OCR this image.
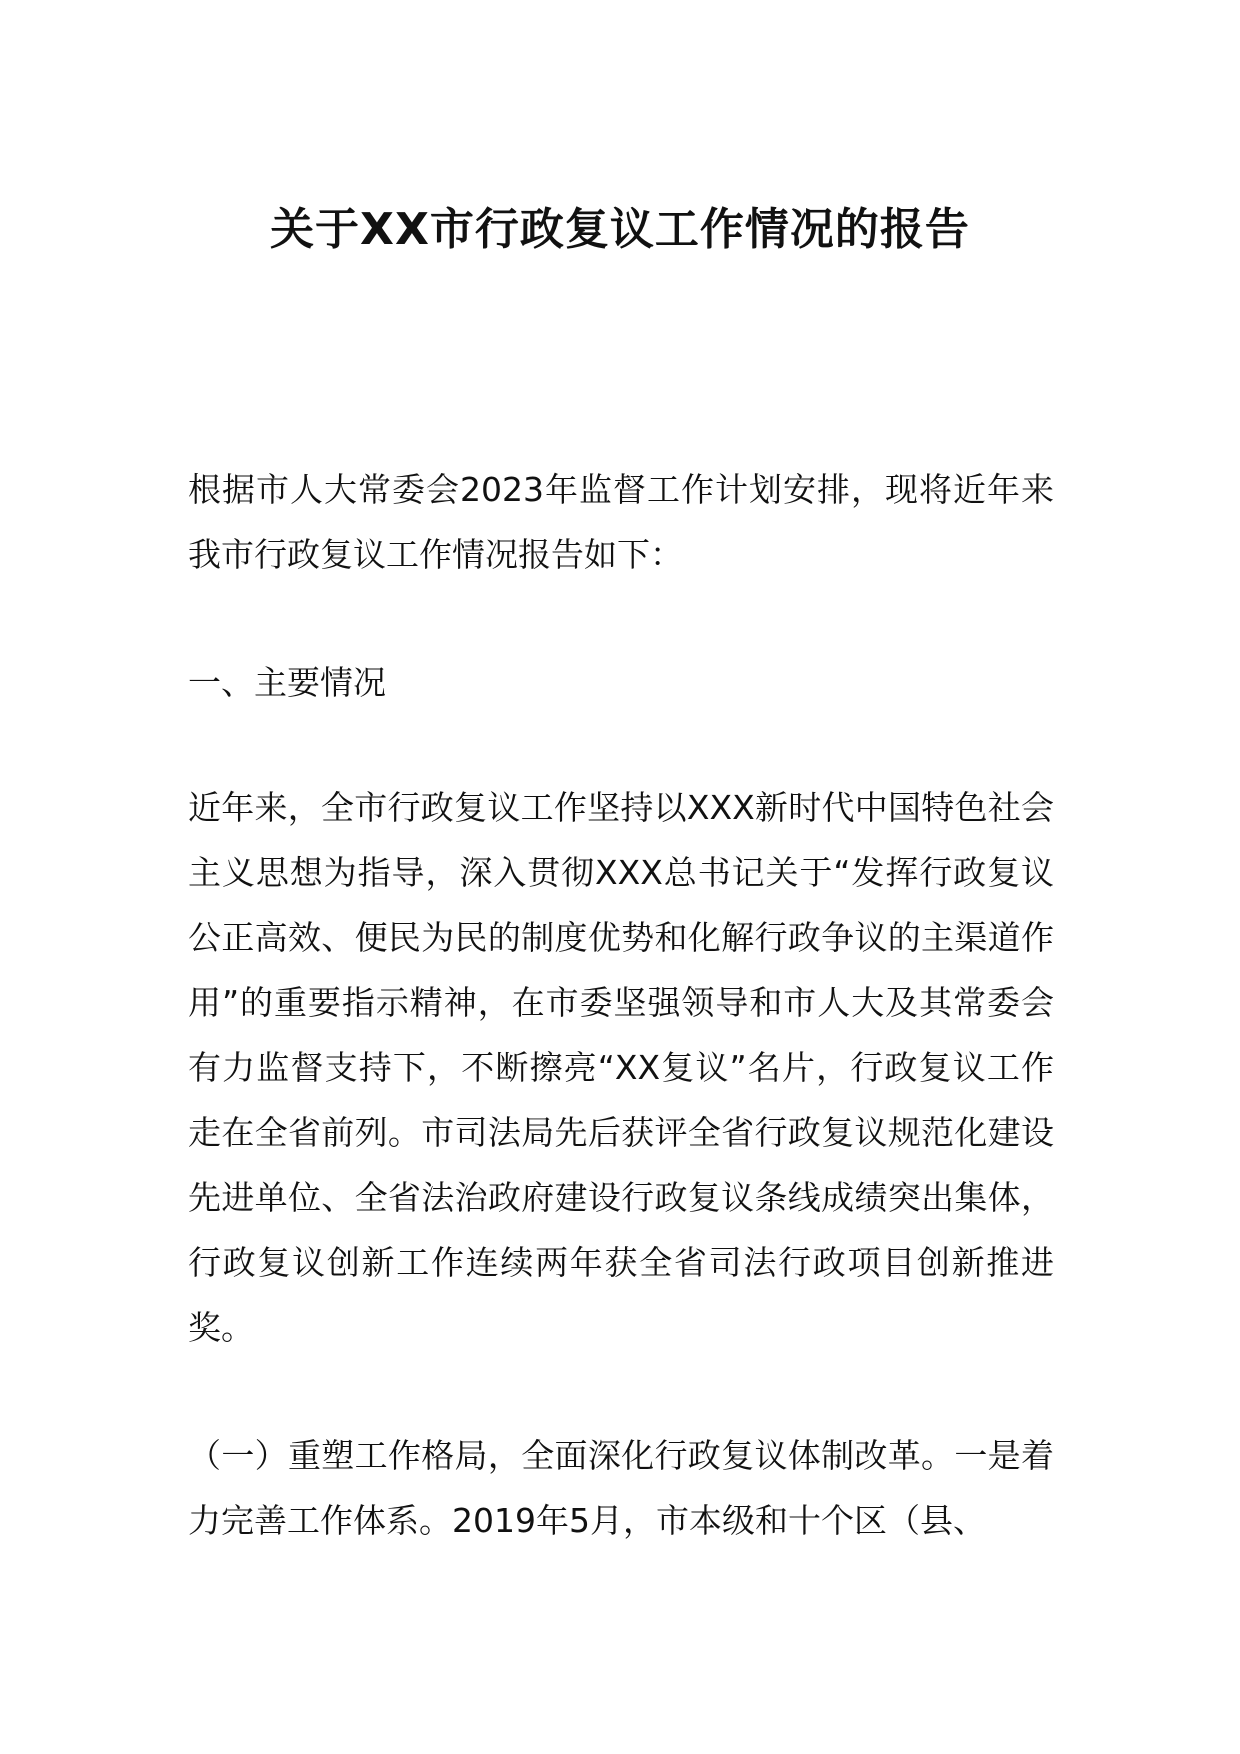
关于XX市行政复议工作情况的报告

根据市人大常委会2023年监督工作计划安排，现将近年来我市行政复议工作情况报告如下：

一、主要情况

近年来，全市行政复议工作坚持以XXX新时代中国特色社会主义思想为指导，深入贯彻XXX总书记关于“发挥行政复议公正高效、便民为民的制度优势和化解行政争议的主渠道作用”的重要指示精神，在市委坚强领导和市人大及其常委会有力监督支持下，不断擦亮“XX复议”名片，行政复议工作走在全省前列。市司法局先后获评全省行政复议规范化建设先进单位、全省法治政府建设行政复议条线成绩突出集体，行政复议创新工作连续两年获全省司法行政项目创新推进奖。

（一）重塑工作格局，全面深化行政复议体制改革。一是着力完善工作体系。2019年5月，市本级和十个区（县、
